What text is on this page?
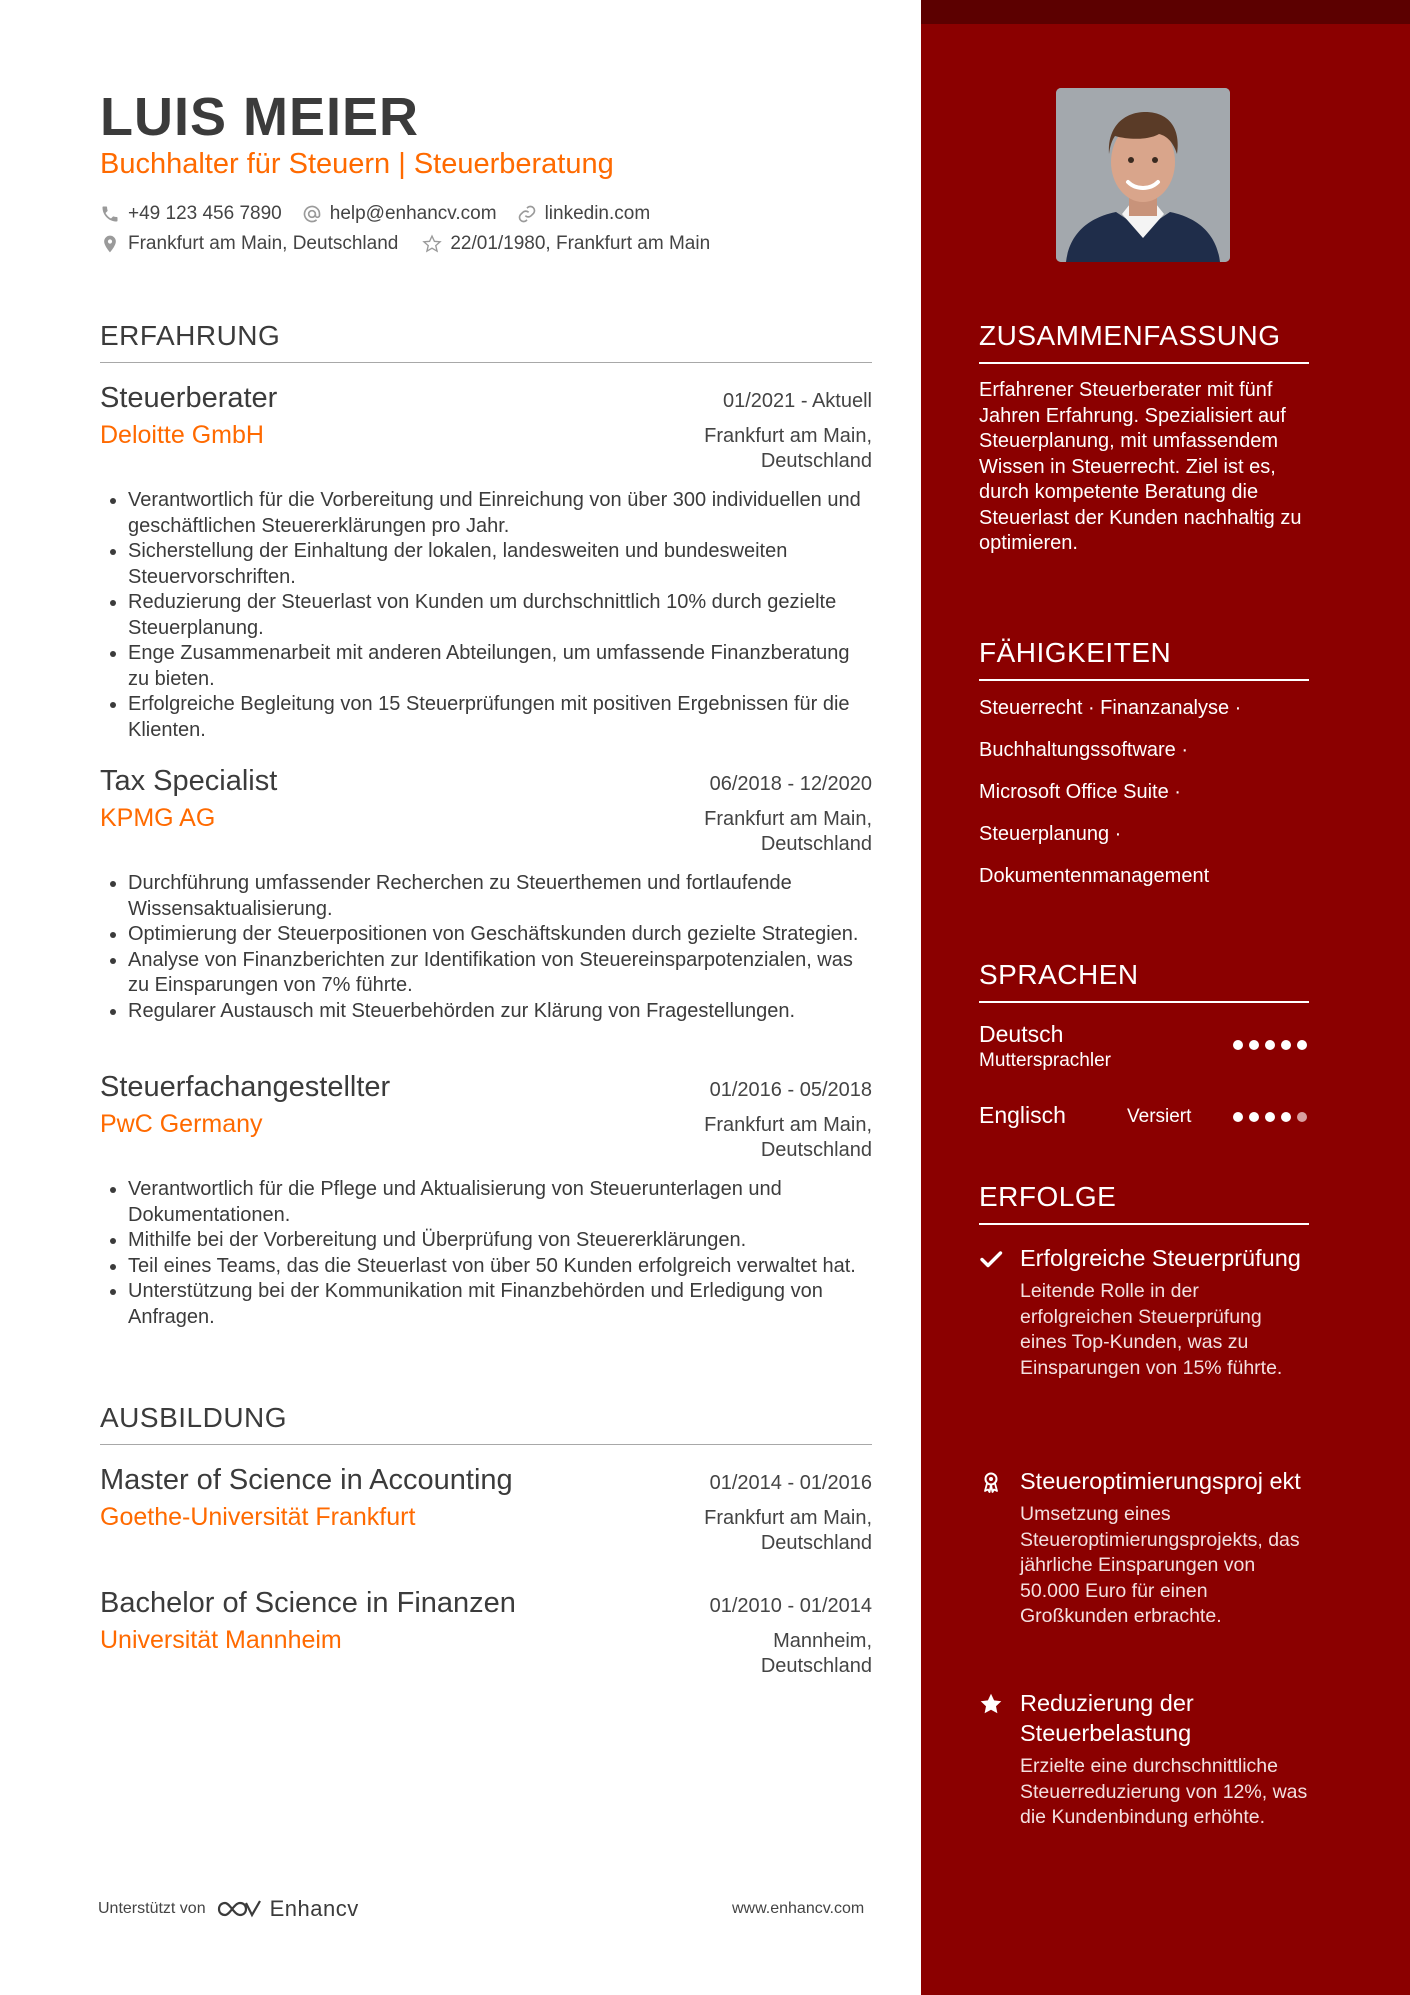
LUIS MEIER
Buchhalter für Steuern | Steuerberatung
+49 123 456 7890	help@enhancv.com	linkedin.com
Frankfurt am Main, Deutschland	22/01/1980, Frankfurt am Main
ERFAHRUNG
Steuerberater	01/2021 - Aktuell
Deloitte GmbH	Frankfurt am Main,
Deutschland
• Verantwortlich für die Vorbereitung und Einreichung von über 300 individuellen und geschäftlichen Steuererklärungen pro Jahr.
• Sicherstellung der Einhaltung der lokalen, landesweiten und bundesweiten Steuervorschriften.
• Reduzierung der Steuerlast von Kunden um durchschnittlich 10% durch gezielte Steuerplanung.
• Enge Zusammenarbeit mit anderen Abteilungen, um umfassende Finanzberatung zu bieten.
• Erfolgreiche Begleitung von 15 Steuerprüfungen mit positiven Ergebnissen für die Klienten.
Tax Specialist	06/2018 - 12/2020
KPMG AG	Frankfurt am Main,
Deutschland
• Durchführung umfassender Recherchen zu Steuerthemen und fortlaufende Wissensaktualisierung.
• Optimierung der Steuerpositionen von Geschäftskunden durch gezielte Strategien.
• Analyse von Finanzberichten zur Identifikation von Steuereinsparpotenzialen, was zu Einsparungen von 7% führte.
• Regularer Austausch mit Steuerbehörden zur Klärung von Fragestellungen.
Steuerfachangestellter	01/2016 - 05/2018
PwC Germany	Frankfurt am Main,
Deutschland
• Verantwortlich für die Pflege und Aktualisierung von Steuerunterlagen und Dokumentationen.
• Mithilfe bei der Vorbereitung und Überprüfung von Steuererklärungen.
• Teil eines Teams, das die Steuerlast von über 50 Kunden erfolgreich verwaltet hat.
• Unterstützung bei der Kommunikation mit Finanzbehörden und Erledigung von Anfragen.
AUSBILDUNG
Master of Science in Accounting	01/2014 - 01/2016
Goethe-Universität Frankfurt	Frankfurt am Main,
Deutschland
Bachelor of Science in Finanzen	01/2010 - 01/2014
Universität Mannheim	Mannheim,
Deutschland
Unterstützt von	Enhancv	www.enhancv.com
ZUSAMMENFASSUNG
Erfahrener Steuerberater mit fünf Jahren Erfahrung. Spezialisiert auf Steuerplanung, mit umfassendem Wissen in Steuerrecht. Ziel ist es, durch kompetente Beratung die Steuerlast der Kunden nachhaltig zu optimieren.
FÄHIGKEITEN
Steuerrecht · Finanzanalyse ·
Buchhaltungssoftware ·
Microsoft Office Suite ·
Steuerplanung ·
Dokumentenmanagement
SPRACHEN
Deutsch
Muttersprachler
Englisch	Versiert
ERFOLGE
Erfolgreiche Steuerprüfung
Leitende Rolle in der erfolgreichen Steuerprüfung eines Top-Kunden, was zu Einsparungen von 15% führte.
Steueroptimierungsproj ekt
Umsetzung eines Steueroptimierungsprojekts, das jährliche Einsparungen von 50.000 Euro für einen Großkunden erbrachte.
Reduzierung der Steuerbelastung
Erzielte eine durchschnittliche Steuerreduzierung von 12%, was die Kundenbindung erhöhte.
